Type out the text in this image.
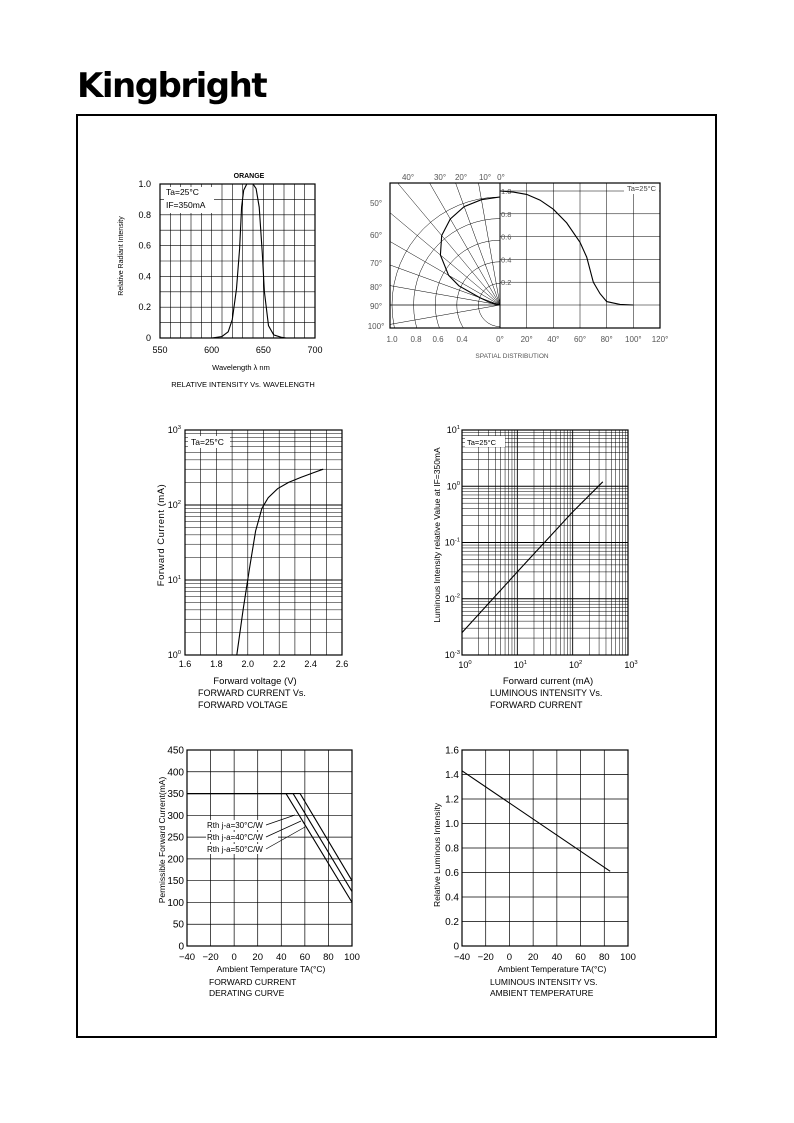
Kingbright
Ta=25°C
IF=350mA
550	600	650	700
0
0.2
0.4
0.6
0.8
1.0
ORANGE
Wavelength λ nm
Relative Radiant Intensity
RELATIVE INTENSITY Vs. WAVELENGTH
Ta=25°C
40° 30° 20° 10° 0°
50°
60°
70°
80°
90°
100°
0.2
0.4
0.6
0.8
1.0
0° 20° 40° 60° 80° 100° 120°
1.0 0.8 0.6 0.4
SPATIAL DISTRIBUTION
Ta=25°C
1.6 1.8 2.0 2.2 2.4 2.6
$10^0$
$10^1$
$10^2$
$10^3$
Forward voltage (V)
Forward Current (mA)
FORWARD CURRENT Vs.
FORWARD VOLTAGE
Ta=25°C
$10^0$	$10^1$	$10^2$	$10^3$
$10^{-3}$
$10^{-2}$
$10^{-1}$
$10^0$
$10^1$
Forward current (mA)
Luminous Intensity relative Value at IF=350mA
LUMINOUS INTENSITY Vs.
FORWARD CURRENT
−40 −20 0 20 40 60 80 100
0
50
100
150
200
250
300
350
400
450
Ambient Temperature TA(°C)
Permissible Forward Current(mA)
FORWARD CURRENT
DERATING CURVE
Rth j-a=30°C/W
Rth j-a=40°C/W
Rth j-a=50°C/W
−40 −20 0 20 40 60 80 100
0
0.2
0.4
0.6
0.8
1.0
1.2
1.4
1.6
Ambient Temperature TA(°C)
Relative Luminous Intensity
LUMINOUS INTENSITY VS.
AMBIENT TEMPERATURE
